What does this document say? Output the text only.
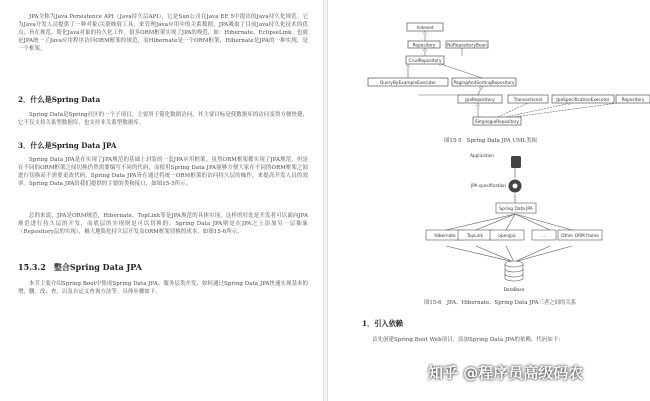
JPA全称为Java Persistence API（Java持久层API），它是Sun公司在Java EE 5中提出的Java持久化规范。它为Java开发人员提供了一种对象/关联映射工具，来管理Java应用中的关系数据，JPA吸取了目前Java持久化技术的优点，旨在规范、简化Java对象的持久化工作。很多ORM框架实现了JPA的规范，如：Hibernate、EclipseLink。也就是JPA统一了Java应用程序访问ORM框架的规范，而Hibernate是一个ORM框架，Hibernate是JPA的一种实现，是一个框架。
2．什么是Spring Data
Spring Data是Spring社区的一个子项目，主要用于简化数据访问，其主要目标是使数据库的访问变得方便快捷，它不仅支持关系型数据库，也支持非关系型数据库。
3．什么是Spring Data JPA
Spring Data JPA是在实现了JPA规范的基础上封装的一套JPA应用框架。虽然ORM框架都实现了JPA规范，但是在不同的ORM框架之间切换仍然需要编写不同的代码，而使用Spring Data JPA能够方便大家在不同的ORM框架之间进行切换而不需要更改代码。Spring Data JPA旨在通过将统一ORM框架的访问持久层的操作，来提高开发人员的效率。Spring Data JPA给我们提供的主要的类和接口，如图15-5所示。
总的来说，JPA是ORM规范，Hibernate、TopLink等是JPA规范的具体实现，这样的好处是开发者可以面向JPA规范进行持久层的开发，而底层的实现则是可以切换的。Spring Data JPA则是在JPA之上添加另一层抽象（Repository层的实现），极大地简化持久层开发及ORM框架切换的成本，如图15-6所示。
15.3.2　整合Spring Data JPA
本节主要介绍Spring Boot中集成Spring Data JPA、服务层类开发，如何通过Spring Data JPA快速实现基本的增、删、改、查，以及自定义查询方法等。具体步骤如下。
Indexed
Repository	NoRepositoryBean
CrudRepository
QueryByExampleExecutor	PagingAndSortingRepository
JpaRepository	Transactional	JpaSpecificationExecutor	Repository
SimpleJpaRepository
图15-5　Spring Data JPA UML类图
Application
JPA specification
Spring Data JPA
Hibernate	TopLink	openjpa	…	Other ORM frame
DataBase
图15-6　JPA、Hibernate、Spring Data JPA三者之间的关系
1．引入依赖
首先创建Spring Boot Web项目，添加Spring Data JPA的依赖，代码如下：
知乎 @程序员高级码农
